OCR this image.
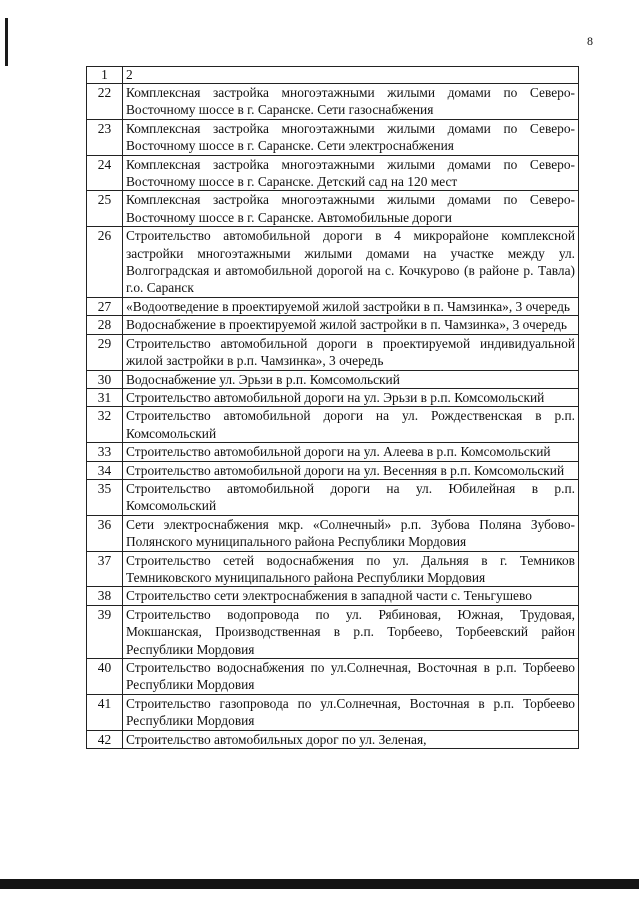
8
1	2
22	Комплексная застройка многоэтажными жилыми домами по Северо-Восточному шоссе в г. Саранске. Сети газоснабжения
23	Комплексная застройка многоэтажными жилыми домами по Северо-Восточному шоссе в г. Саранске. Сети электроснабжения
24	Комплексная застройка многоэтажными жилыми домами по Северо-Восточному шоссе в г. Саранске. Детский сад на 120 мест
25	Комплексная застройка многоэтажными жилыми домами по Северо-Восточному шоссе в г. Саранске. Автомобильные дороги
26	Строительство автомобильной дороги в 4 микрорайоне комплексной застройки многоэтажными жилыми домами на участке между ул. Волгоградская и автомобильной дорогой на с. Кочкурово (в районе р. Тавла) г.о. Саранск
27	«Водоотведение в проектируемой жилой застройки в п. Чамзинка», 3 очередь
28	Водоснабжение в проектируемой жилой застройки в п. Чамзинка», 3 очередь
29	Строительство автомобильной дороги в проектируемой индивидуальной жилой застройки в р.п. Чамзинка», 3 очередь
30	Водоснабжение ул. Эрьзи в р.п. Комсомольский
31	Строительство автомобильной дороги на ул. Эрьзи в р.п. Комсомольский
32	Строительство автомобильной дороги на ул. Рождественская в р.п. Комсомольский
33	Строительство автомобильной дороги на ул. Алеева в р.п. Комсомольский
34	Строительство автомобильной дороги на ул. Весенняя в р.п. Комсомольский
35	Строительство автомобильной дороги на ул. Юбилейная в р.п. Комсомольский
36	Сети электроснабжения мкр. «Солнечный» р.п. Зубова Поляна Зубово-Полянского муниципального района Республики Мордовия
37	Строительство сетей водоснабжения по ул. Дальняя в г. Темников Темниковского муниципального района Республики Мордовия
38	Строительство сети электроснабжения в западной части с. Теньгушево
39	Строительство водопровода по ул. Рябиновая, Южная, Трудовая, Мокшанская, Производственная в р.п. Торбеево, Торбеевский район Республики Мордовия
40	Строительство водоснабжения по ул.Солнечная, Восточная в р.п. Торбеево Республики Мордовия
41	Строительство газопровода по ул.Солнечная, Восточная в р.п. Торбеево Республики Мордовия
42	Строительство автомобильных дорог по ул. Зеленая,
